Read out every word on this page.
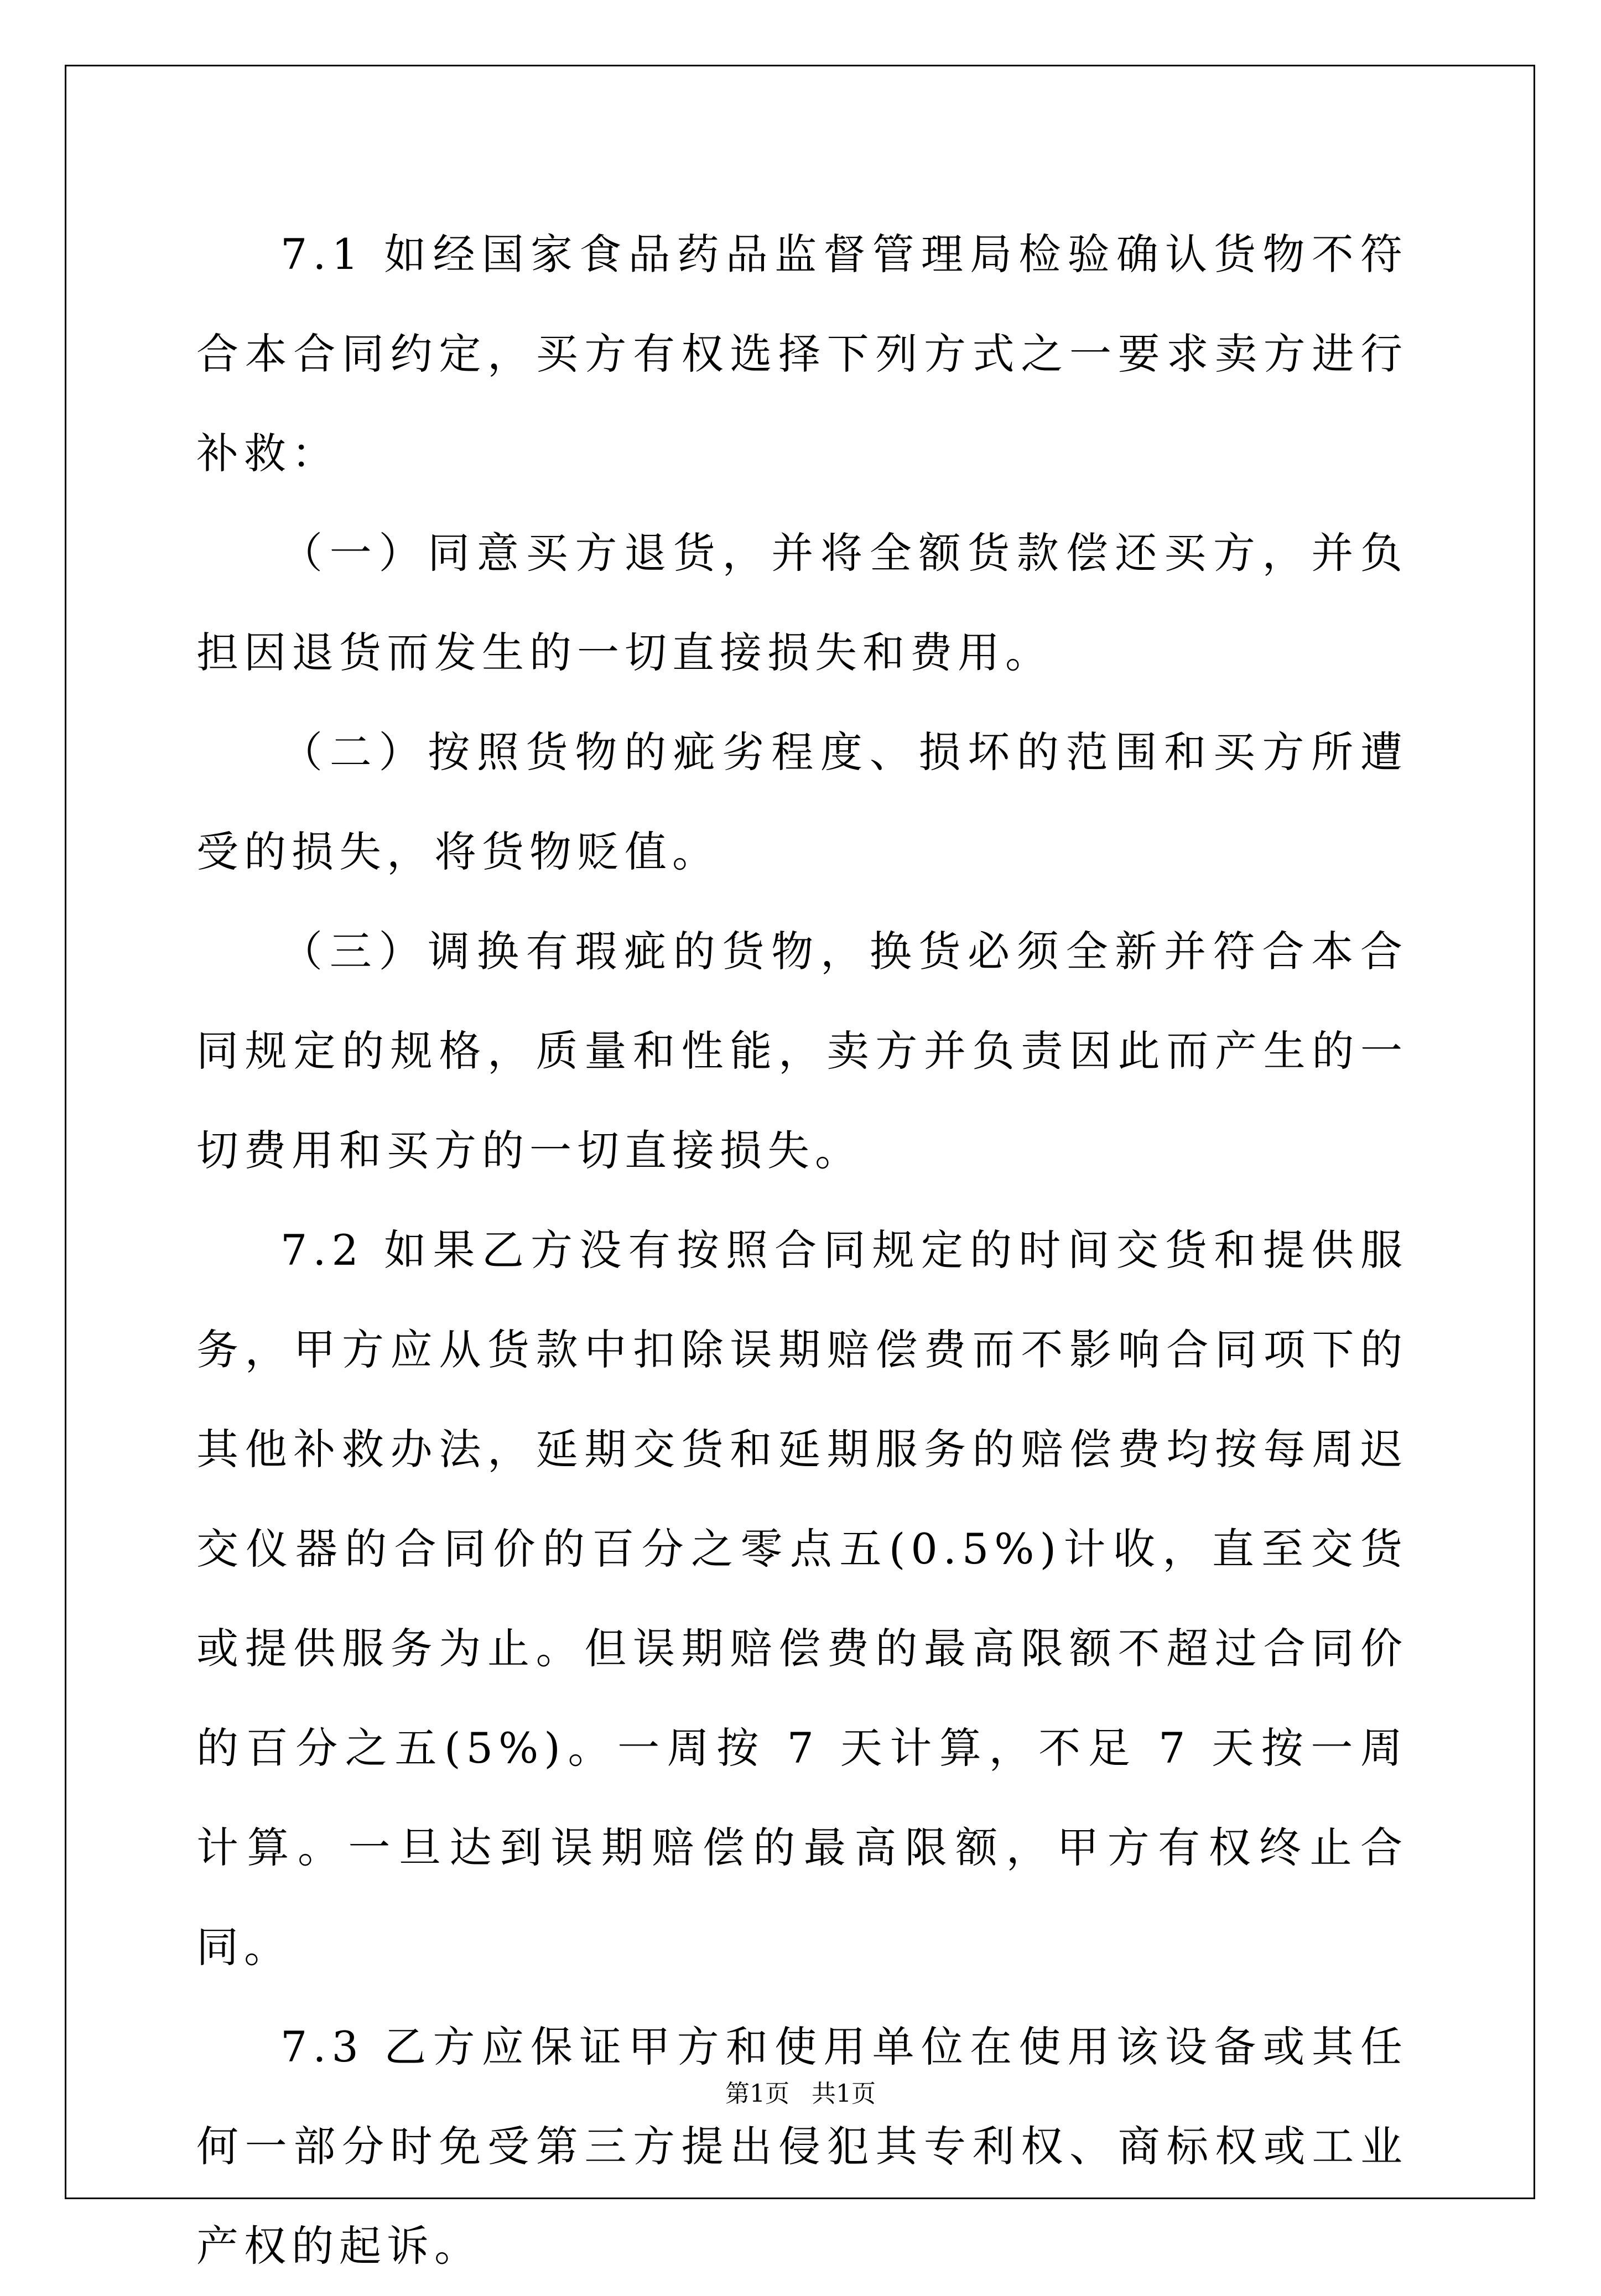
7.1 如经国家食品药品监督管理局检验确认货物不符合本合同约定，买方有权选择下列方式之一要求卖方进行补救：

（一）同意买方退货，并将全额货款偿还买方，并负担因退货而发生的一切直接损失和费用。

（二）按照货物的疵劣程度、损坏的范围和买方所遭受的损失，将货物贬值。

（三）调换有瑕疵的货物，换货必须全新并符合本合同规定的规格，质量和性能，卖方并负责因此而产生的一切费用和买方的一切直接损失。

7.2 如果乙方没有按照合同规定的时间交货和提供服务，甲方应从货款中扣除误期赔偿费而不影响合同项下的其他补救办法，延期交货和延期服务的赔偿费均按每周迟交仪器的合同价的百分之零点五(0.5%)计收，直至交货或提供服务为止。但误期赔偿费的最高限额不超过合同价的百分之五(5%)。一周按 7 天计算，不足 7 天按一周计算。一旦达到误期赔偿的最高限额，甲方有权终止合同。

7.3 乙方应保证甲方和使用单位在使用该设备或其任何一部分时免受第三方提出侵犯其专利权、商标权或工业产权的起诉。

第1页 共1页
